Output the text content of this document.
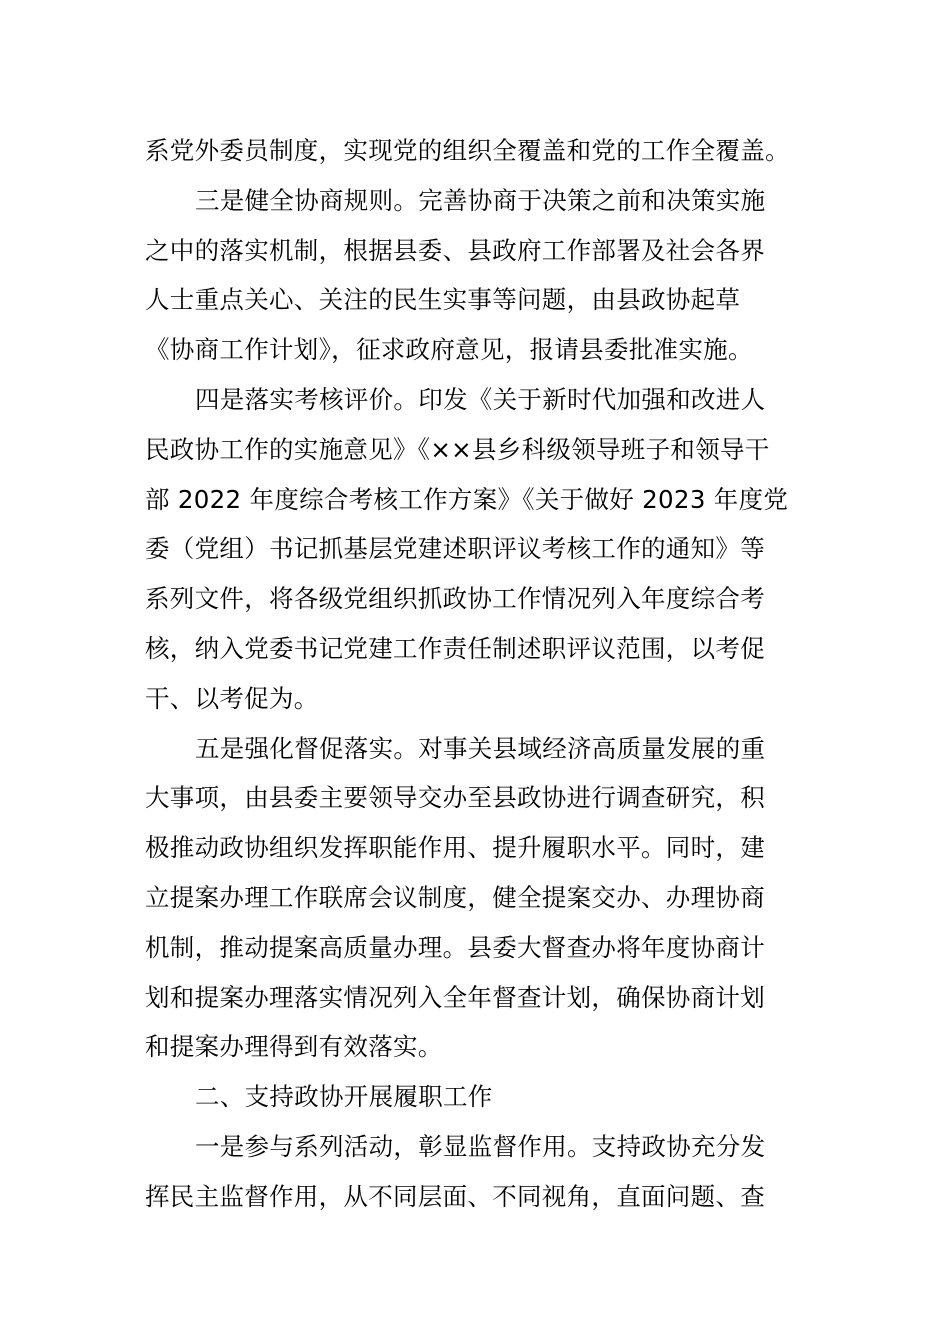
系党外委员制度，实现党的组织全覆盖和党的工作全覆盖。
三是健全协商规则。完善协商于决策之前和决策实施
之中的落实机制，根据县委、县政府工作部署及社会各界
人士重点关心、关注的民生实事等问题，由县政协起草
《协商工作计划》，征求政府意见，报请县委批准实施。
四是落实考核评价。印发《关于新时代加强和改进人
民政协工作的实施意见》《××县乡科级领导班子和领导干
部 2022 年度综合考核工作方案》《关于做好 2023 年度党
委（党组）书记抓基层党建述职评议考核工作的通知》等
系列文件，将各级党组织抓政协工作情况列入年度综合考
核，纳入党委书记党建工作责任制述职评议范围，以考促
干、以考促为。
五是强化督促落实。对事关县域经济高质量发展的重
大事项，由县委主要领导交办至县政协进行调查研究，积
极推动政协组织发挥职能作用、提升履职水平。同时，建
立提案办理工作联席会议制度，健全提案交办、办理协商
机制，推动提案高质量办理。县委大督查办将年度协商计
划和提案办理落实情况列入全年督查计划，确保协商计划
和提案办理得到有效落实。
二、支持政协开展履职工作
一是参与系列活动，彰显监督作用。支持政协充分发
挥民主监督作用，从不同层面、不同视角，直面问题、查
